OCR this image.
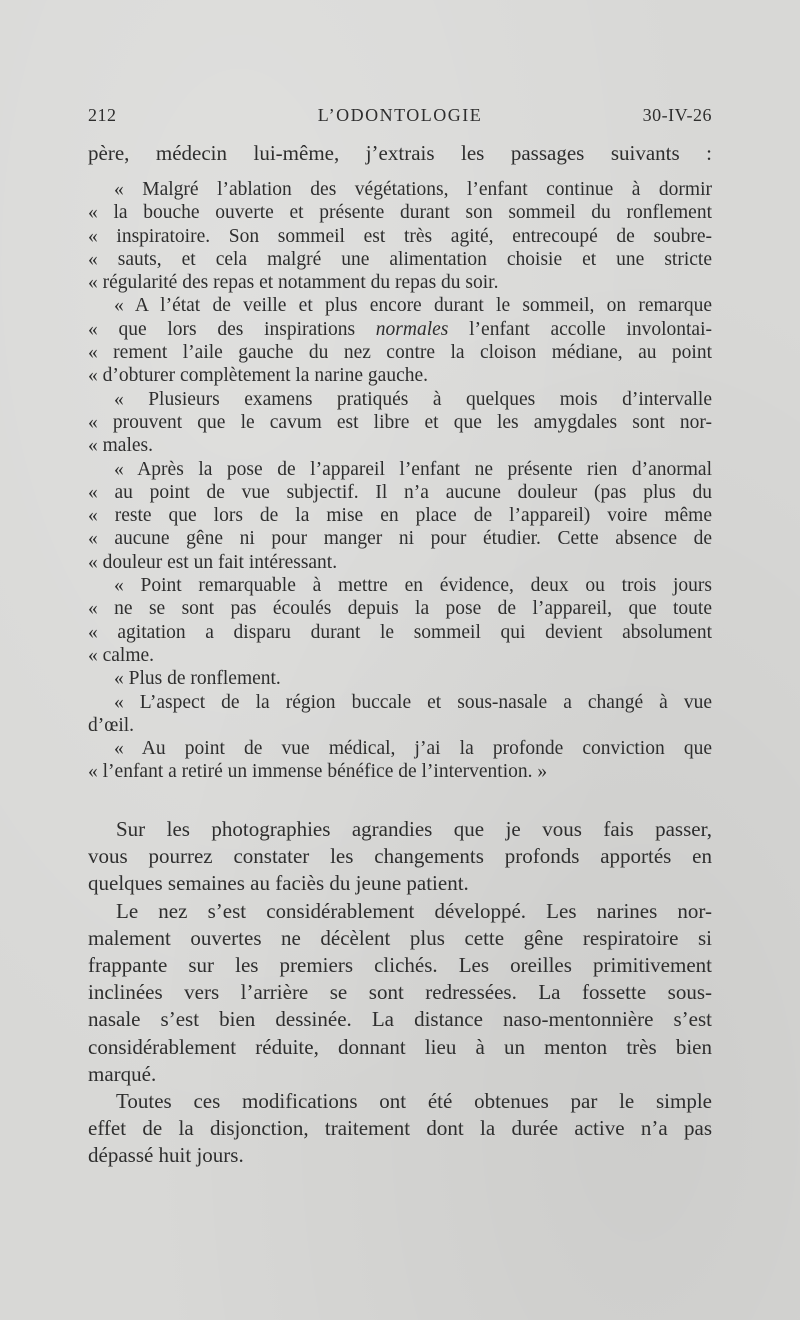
212	L’ODONTOLOGIE	30-IV-26
père, médecin lui-même, j’extrais les passages suivants :
« Malgré l’ablation des végétations, l’enfant continue à dormir
« la bouche ouverte et présente durant son sommeil du ronflement
« inspiratoire. Son sommeil est très agité, entrecoupé de soubre-
« sauts, et cela malgré une alimentation choisie et une stricte
« régularité des repas et notamment du repas du soir.
« A l’état de veille et plus encore durant le sommeil, on remarque
« que lors des inspirations normales l’enfant accolle involontai-
« rement l’aile gauche du nez contre la cloison médiane, au point
« d’obturer complètement la narine gauche.
« Plusieurs examens pratiqués à quelques mois d’intervalle
« prouvent que le cavum est libre et que les amygdales sont nor-
« males.
« Après la pose de l’appareil l’enfant ne présente rien d’anormal
« au point de vue subjectif. Il n’a aucune douleur (pas plus du
« reste que lors de la mise en place de l’appareil) voire même
« aucune gêne ni pour manger ni pour étudier. Cette absence de
« douleur est un fait intéressant.
« Point remarquable à mettre en évidence, deux ou trois jours
« ne se sont pas écoulés depuis la pose de l’appareil, que toute
« agitation a disparu durant le sommeil qui devient absolument
« calme.
« Plus de ronflement.
« L’aspect de la région buccale et sous-nasale a changé à vue
d’œil.
« Au point de vue médical, j’ai la profonde conviction que
« l’enfant a retiré un immense bénéfice de l’intervention. »
Sur les photographies agrandies que je vous fais passer,
vous pourrez constater les changements profonds apportés en
quelques semaines au faciès du jeune patient.
Le nez s’est considérablement développé. Les narines nor-
malement ouvertes ne décèlent plus cette gêne respiratoire si
frappante sur les premiers clichés. Les oreilles primitivement
inclinées vers l’arrière se sont redressées. La fossette sous-
nasale s’est bien dessinée. La distance naso-mentonnière s’est
considérablement réduite, donnant lieu à un menton très bien
marqué.
Toutes ces modifications ont été obtenues par le simple
effet de la disjonction, traitement dont la durée active n’a pas
dépassé huit jours.
